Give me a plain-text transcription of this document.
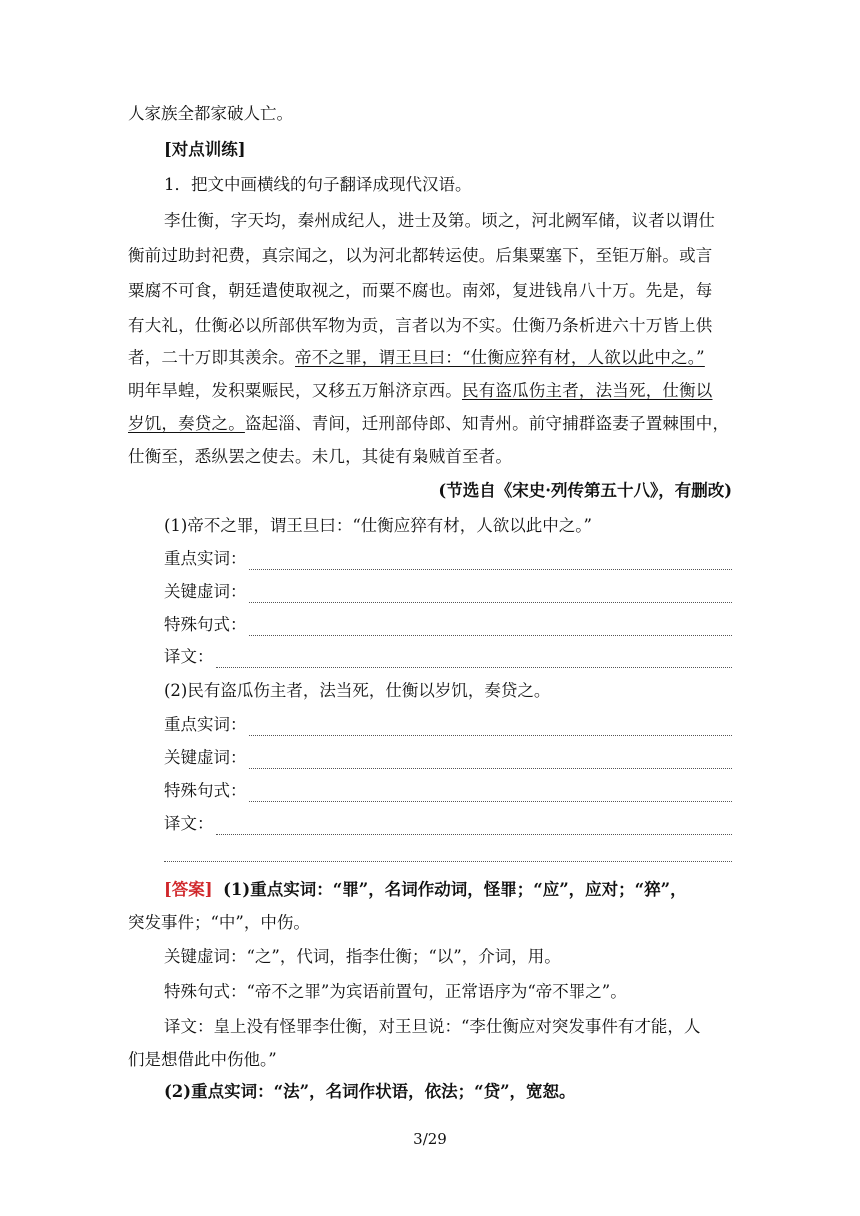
人家族全都家破人亡。
[对点训练]
1．把文中画横线的句子翻译成现代汉语。
李仕衡，字天均，秦州成纪人，进士及第。顷之，河北阙军储，议者以谓仕
衡前过助封祀费，真宗闻之，以为河北都转运使。后集粟塞下，至钜万斛。或言
粟腐不可食，朝廷遣使取视之，而粟不腐也。南郊，复进钱帛八十万。先是，每
有大礼，仕衡必以所部供军物为贡，言者以为不实。仕衡乃条析进六十万皆上供
者，二十万即其羡余。帝不之罪，谓王旦曰：“仕衡应猝有材，人欲以此中之。”
明年旱蝗，发积粟赈民，又移五万斛济京西。民有盗瓜伤主者，法当死，仕衡以
岁饥，奏贷之。盗起淄、青间，迁刑部侍郎、知青州。前守捕群盗妻子置棘围中，
仕衡至，悉纵罢之使去。未几，其徒有枭贼首至者。
(节选自《宋史·列传第五十八》，有删改)
(1)帝不之罪，谓王旦曰：“仕衡应猝有材，人欲以此中之。”
重点实词：
关键虚词：
特殊句式：
译文：
(2)民有盗瓜伤主者，法当死，仕衡以岁饥，奏贷之。
重点实词：
关键虚词：
特殊句式：
译文：
[答案] (1)重点实词：“罪”，名词作动词，怪罪；“应”，应对；“猝”，
突发事件；“中”，中伤。
关键虚词：“之”，代词，指李仕衡；“以”，介词，用。
特殊句式：“帝不之罪”为宾语前置句，正常语序为“帝不罪之”。
译文：皇上没有怪罪李仕衡，对王旦说：“李仕衡应对突发事件有才能，人
们是想借此中伤他。”
(2)重点实词：“法”，名词作状语，依法；“贷”，宽恕。
3/29
